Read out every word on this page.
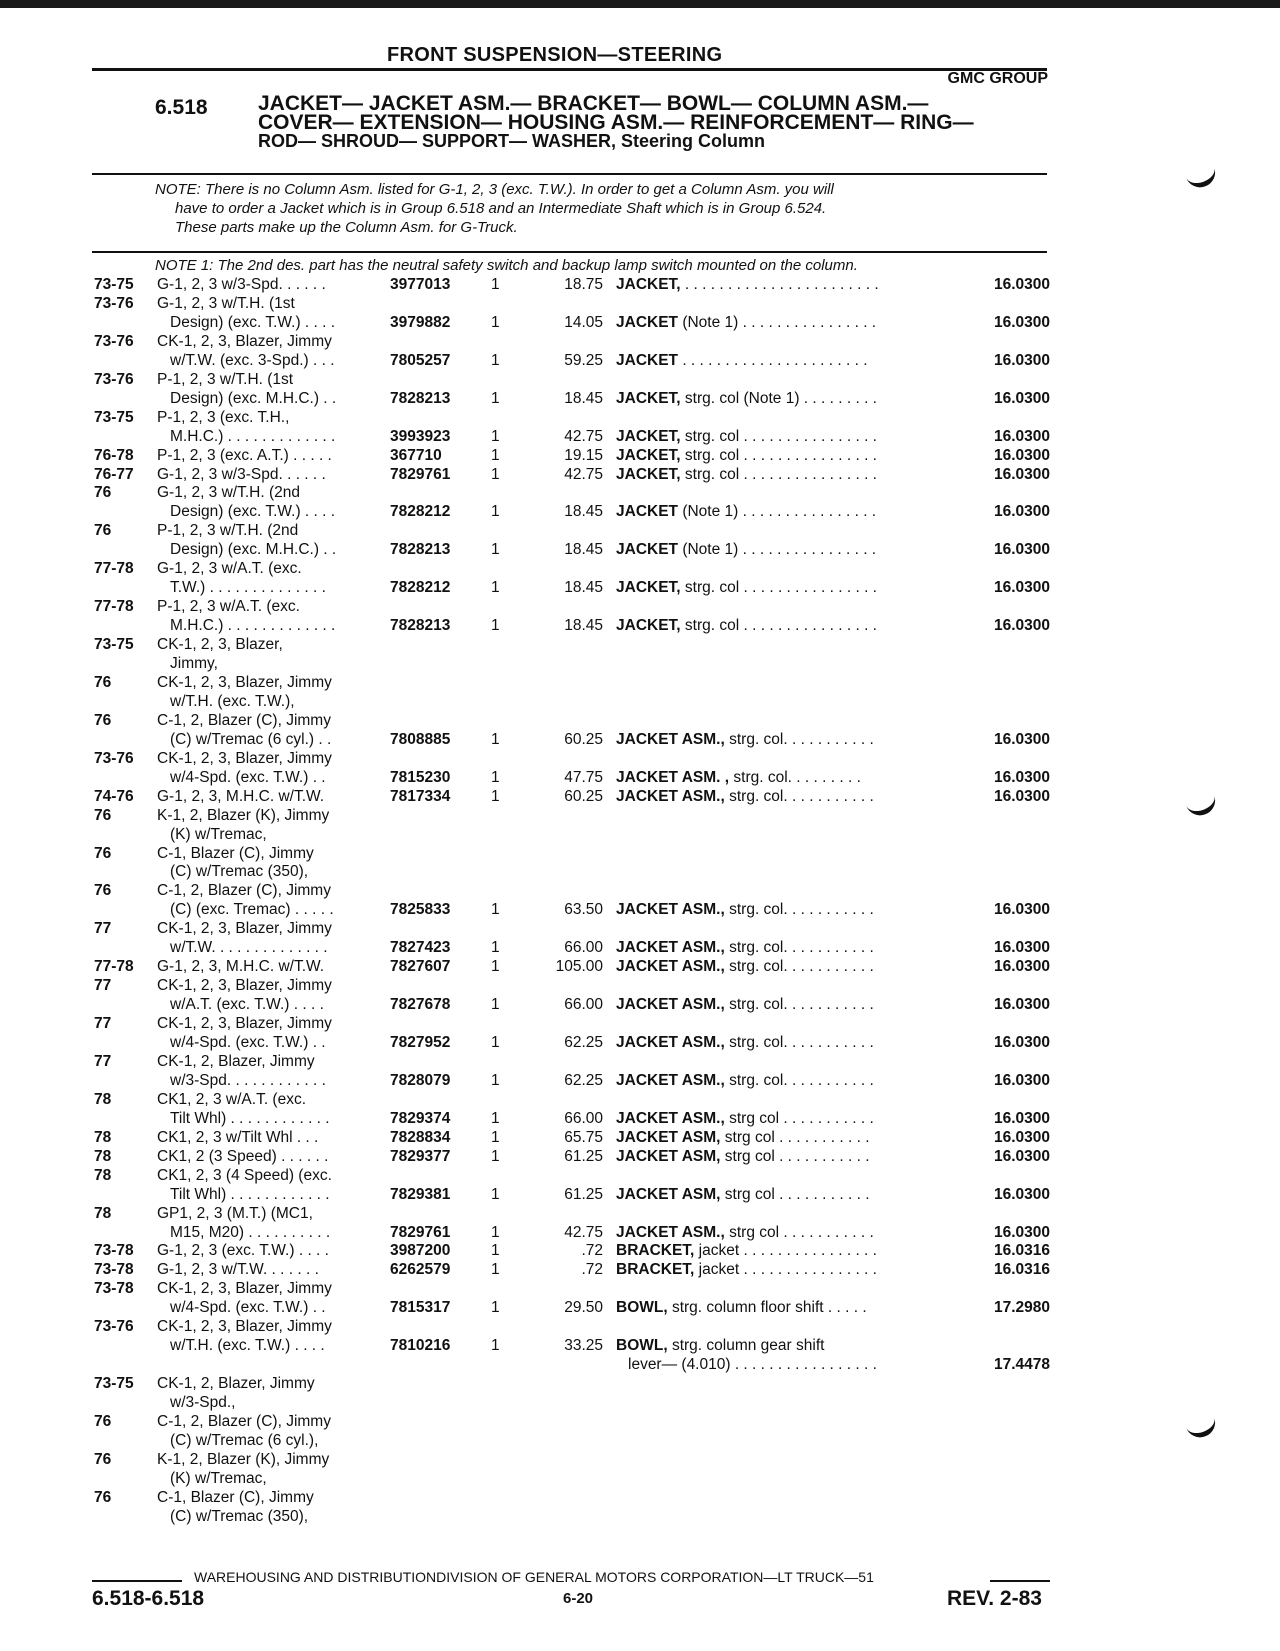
FRONT SUSPENSION—STEERING
GMC GROUP
6.518 JACKET— JACKET ASM.— BRACKET— BOWL— COLUMN ASM.—
COVER— EXTENSION— HOUSING ASM.— REINFORCEMENT— RING—
ROD— SHROUD— SUPPORT— WASHER, Steering Column
NOTE: There is no Column Asm. listed for G-1, 2, 3 (exc. T.W.). In order to get a Column Asm. you will
have to order a Jacket which is in Group 6.518 and an Intermediate Shaft which is in Group 6.524.
These parts make up the Column Asm. for G-Truck.
NOTE 1: The 2nd des. part has the neutral safety switch and backup lamp switch mounted on the column.
73-75 G-1, 2, 3 w/3-Spd. . . . . .	3977013	1	18.75 JACKET, . . . . . . . . . . . . . . . . . . . . . . .	16.0300
73-76 G-1, 2, 3 w/T.H. (1st
Design) (exc. T.W.) . . . .	3979882	1	14.05 JACKET (Note 1) . . . . . . . . . . . . . . . .	16.0300
73-76 CK-1, 2, 3, Blazer, Jimmy
w/T.W. (exc. 3-Spd.) . . .	7805257	1	59.25 JACKET . . . . . . . . . . . . . . . . . . . . . .	16.0300
73-76 P-1, 2, 3 w/T.H. (1st
Design) (exc. M.H.C.) . .	7828213	1	18.45 JACKET, strg. col (Note 1) . . . . . . . . .	16.0300
73-75 P-1, 2, 3 (exc. T.H.,
M.H.C.) . . . . . . . . . . . . .	3993923	1	42.75 JACKET, strg. col . . . . . . . . . . . . . . . .	16.0300
76-78 P-1, 2, 3 (exc. A.T.) . . . . .	367710	1	19.15 JACKET, strg. col . . . . . . . . . . . . . . . .	16.0300
76-77 G-1, 2, 3 w/3-Spd. . . . . .	7829761	1	42.75 JACKET, strg. col . . . . . . . . . . . . . . . .	16.0300
76	G-1, 2, 3 w/T.H. (2nd
Design) (exc. T.W.) . . . .	7828212	1	18.45 JACKET (Note 1) . . . . . . . . . . . . . . . .	16.0300
76	P-1, 2, 3 w/T.H. (2nd
Design) (exc. M.H.C.) . .	7828213	1	18.45 JACKET (Note 1) . . . . . . . . . . . . . . . .	16.0300
77-78 G-1, 2, 3 w/A.T. (exc.
T.W.) . . . . . . . . . . . . . .	7828212	1	18.45 JACKET, strg. col . . . . . . . . . . . . . . . .	16.0300
77-78 P-1, 2, 3 w/A.T. (exc.
M.H.C.) . . . . . . . . . . . . .	7828213	1	18.45 JACKET, strg. col . . . . . . . . . . . . . . . .	16.0300
73-75 CK-1, 2, 3, Blazer,
Jimmy,
76	CK-1, 2, 3, Blazer, Jimmy
w/T.H. (exc. T.W.),
76	C-1, 2, Blazer (C), Jimmy
(C) w/Tremac (6 cyl.) . .	7808885	1	60.25 JACKET ASM., strg. col. . . . . . . . . . .	16.0300
73-76 CK-1, 2, 3, Blazer, Jimmy
w/4-Spd. (exc. T.W.) . .	7815230	1	47.75 JACKET ASM. , strg. col. . . . . . . . .	16.0300
74-76 G-1, 2, 3, M.H.C. w/T.W.	7817334	1	60.25 JACKET ASM., strg. col. . . . . . . . . . .	16.0300
76	K-1, 2, Blazer (K), Jimmy
(K) w/Tremac,
76	C-1, Blazer (C), Jimmy
(C) w/Tremac (350),
76	C-1, 2, Blazer (C), Jimmy
(C) (exc. Tremac) . . . . .	7825833	1	63.50 JACKET ASM., strg. col. . . . . . . . . . .	16.0300
77	CK-1, 2, 3, Blazer, Jimmy
w/T.W. . . . . . . . . . . . . .	7827423	1	66.00 JACKET ASM., strg. col. . . . . . . . . . .	16.0300
77-78 G-1, 2, 3, M.H.C. w/T.W.	7827607	1	105.00 JACKET ASM., strg. col. . . . . . . . . . .	16.0300
77	CK-1, 2, 3, Blazer, Jimmy
w/A.T. (exc. T.W.) . . . .	7827678	1	66.00 JACKET ASM., strg. col. . . . . . . . . . .	16.0300
77	CK-1, 2, 3, Blazer, Jimmy
w/4-Spd. (exc. T.W.) . .	7827952	1	62.25 JACKET ASM., strg. col. . . . . . . . . . .	16.0300
77	CK-1, 2, Blazer, Jimmy
w/3-Spd. . . . . . . . . . . .	7828079	1	62.25 JACKET ASM., strg. col. . . . . . . . . . .	16.0300
78	CK1, 2, 3 w/A.T. (exc.
Tilt Whl) . . . . . . . . . . . .	7829374	1	66.00 JACKET ASM., strg col . . . . . . . . . . .	16.0300
78	CK1, 2, 3 w/Tilt Whl . . .	7828834	1	65.75 JACKET ASM, strg col . . . . . . . . . . .	16.0300
78	CK1, 2 (3 Speed) . . . . . .	7829377	1	61.25 JACKET ASM, strg col . . . . . . . . . . .	16.0300
78	CK1, 2, 3 (4 Speed) (exc.
Tilt Whl) . . . . . . . . . . . .	7829381	1	61.25 JACKET ASM, strg col . . . . . . . . . . .	16.0300
78	GP1, 2, 3 (M.T.) (MC1,
M15, M20) . . . . . . . . . .	7829761	1	42.75 JACKET ASM., strg col . . . . . . . . . . .	16.0300
73-78 G-1, 2, 3 (exc. T.W.) . . . .	3987200	1	.72 BRACKET, jacket . . . . . . . . . . . . . . . .	16.0316
73-78 G-1, 2, 3 w/T.W. . . . . . .	6262579	1	.72 BRACKET, jacket . . . . . . . . . . . . . . . .	16.0316
73-78 CK-1, 2, 3, Blazer, Jimmy
w/4-Spd. (exc. T.W.) . .	7815317	1	29.50 BOWL, strg. column floor shift . . . . .	17.2980
73-76 CK-1, 2, 3, Blazer, Jimmy
w/T.H. (exc. T.W.) . . . .	7810216	1	33.25 BOWL, strg. column gear shift
lever— (4.010) . . . . . . . . . . . . . . . . .	17.4478
73-75 CK-1, 2, Blazer, Jimmy
w/3-Spd.,
76	C-1, 2, Blazer (C), Jimmy
(C) w/Tremac (6 cyl.),
76	K-1, 2, Blazer (K), Jimmy
(K) w/Tremac,
76	C-1, Blazer (C), Jimmy
(C) w/Tremac (350),
WAREHOUSING AND DISTRIBUTIONDIVISION OF GENERAL MOTORS CORPORATION—LT TRUCK—51
6.518-6.518	6-20	REV. 2-83
